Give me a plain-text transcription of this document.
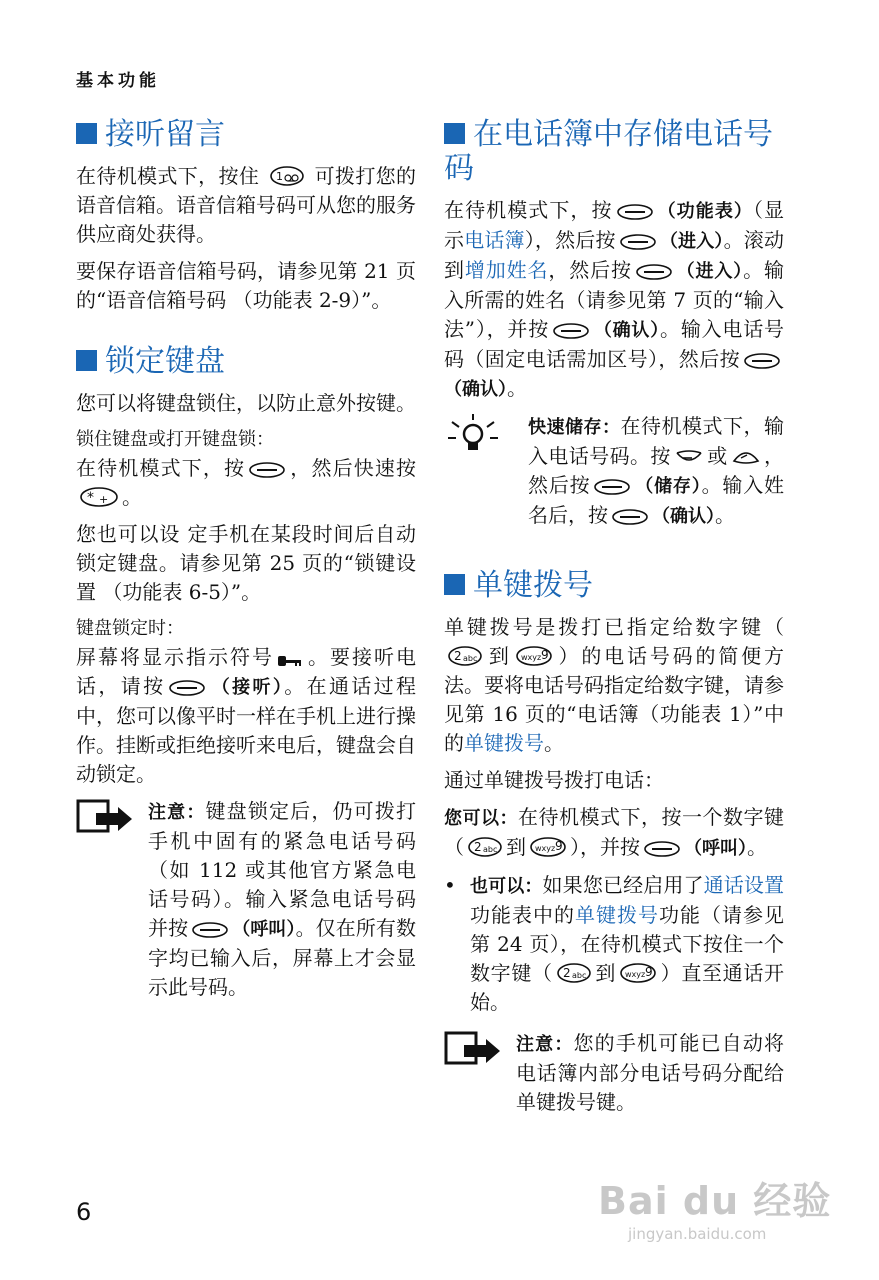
基本功能
接听留言

在待机模式下，按住 1 可拨打您的语音信箱。语音信箱号码可从您的服务供应商处获得。

要保存语音信箱号码，请参见第 21 页的“语音信箱号码 （功能表 2-9）”。

锁定键盘

您可以将键盘锁住，以防止意外按键。

锁住键盘或打开键盘锁：

在待机模式下，按 ，然后快速按
* + 。

您也可以设 定手机在某段时间后自动锁定键盘。请参见第 25 页的“锁键设置 （功能表 6-5）”。

键盘锁定时：

屏幕将显示指示符号 。要接听电话，请按 （接听）。在通话过程中，您可以像平时一样在手机上进行操作。挂断或拒绝接听来电后，键盘会自动锁定。

注意：键盘锁定后，仍可拨打手机中固有的紧急电话号码（如 112 或其他官方紧急电话号码）。输入紧急电话号码并按 （呼叫）。仅在所有数字均已输入后，屏幕上才会显示此号码。

在电话簿中存储电话号码

在待机模式下，按 （功能表）（显示电话簿），然后按 （进入）。滚动到增加姓名，然后按 （进入）。输入所需的姓名（请参见第 7 页的“输入法”），并按 （确认）。输入电话号码（固定电话需加区号），然后按（确认）。

快速储存：在待机模式下，输入电话号码。按 或 ，然后按 （储存）。输入姓名后，按 （确认）。

单键拨号

单键拨号是拨打已指定给数字键（
2 abc 到 wxyz 9 ）的电话号码的简便方法。要将电话号码指定给数字键，请参见第 16 页的“电话簿（功能表 1）”中的单键拨号。

通过单键拨号拨打电话：

您可以：在待机模式下，按一个数字键（ 2 abc 到 wxyz 9 ），并按 （呼叫）。

• 也可以：如果您已经启用了通话设置功能表中的单键拨号功能（请参见第 24 页），在待机模式下按住一个数字键（ 2 abc 到 wxyz 9 ）直至通话开始。

注意：您的手机可能已自动将电话簿内部分电话号码分配给单键拨号键。

6	Bai du 经验
jingyan.baidu.com
